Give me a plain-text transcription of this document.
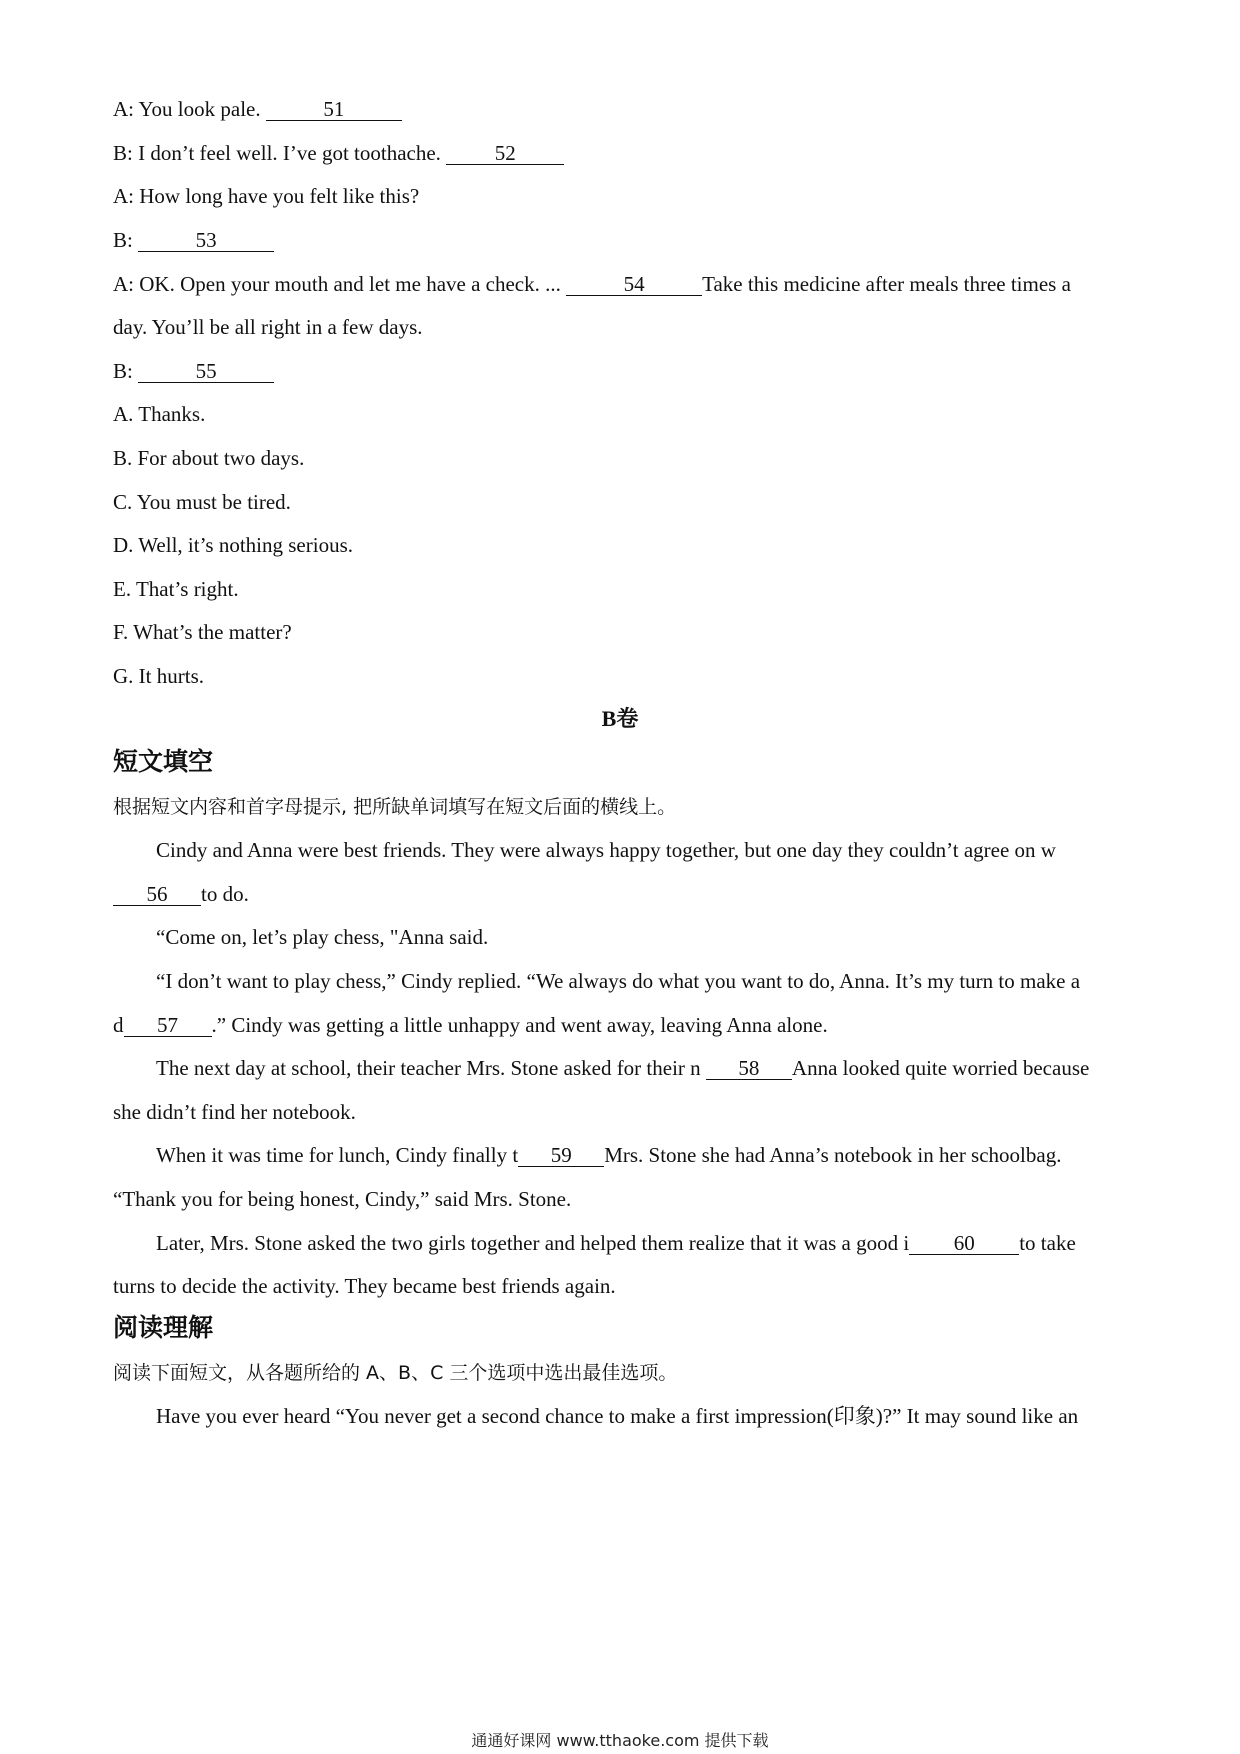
A: You look pale.	51
B: I don’t feel well. I’ve got toothache.	52
A: How long have you felt like this?
B:	53
A: OK. Open your mouth and let me have a check. ...	54	Take this medicine after meals three times a
day. You’ll be all right in a few days.
B:	55
A. Thanks.
B. For about two days.
C. You must be tired.
D. Well, it’s nothing serious.
E. That’s right.
F. What’s the matter?
G. It hurts.
B卷
短文填空
根据短文内容和首字母提示, 把所缺单词填写在短文后面的横线上。
Cindy and Anna were best friends. They were always happy together, but one day they couldn’t agree on w
56 to do.
“Come on, let’s play chess, "Anna said.
“I don’t want to play chess,” Cindy replied. “We always do what you want to do, Anna. It’s my turn to make a
d 57 .” Cindy was getting a little unhappy and went away, leaving Anna alone.
The next day at school, their teacher Mrs. Stone asked for their n 58 Anna looked quite worried because
she didn’t find her notebook.
When it was time for lunch, Cindy finally t 59 Mrs. Stone she had Anna’s notebook in her schoolbag.
“Thank you for being honest, Cindy,” said Mrs. Stone.
Later, Mrs. Stone asked the two girls together and helped them realize that it was a good i 60 to take
turns to decide the activity. They became best friends again.
阅读理解
阅读下面短文，从各题所给的 A、B、C 三个选项中选出最佳选项。
Have you ever heard “You never get a second chance to make a first impression(印象)?” It may sound like an
通通好课网 www.tthaoke.com 提供下载
